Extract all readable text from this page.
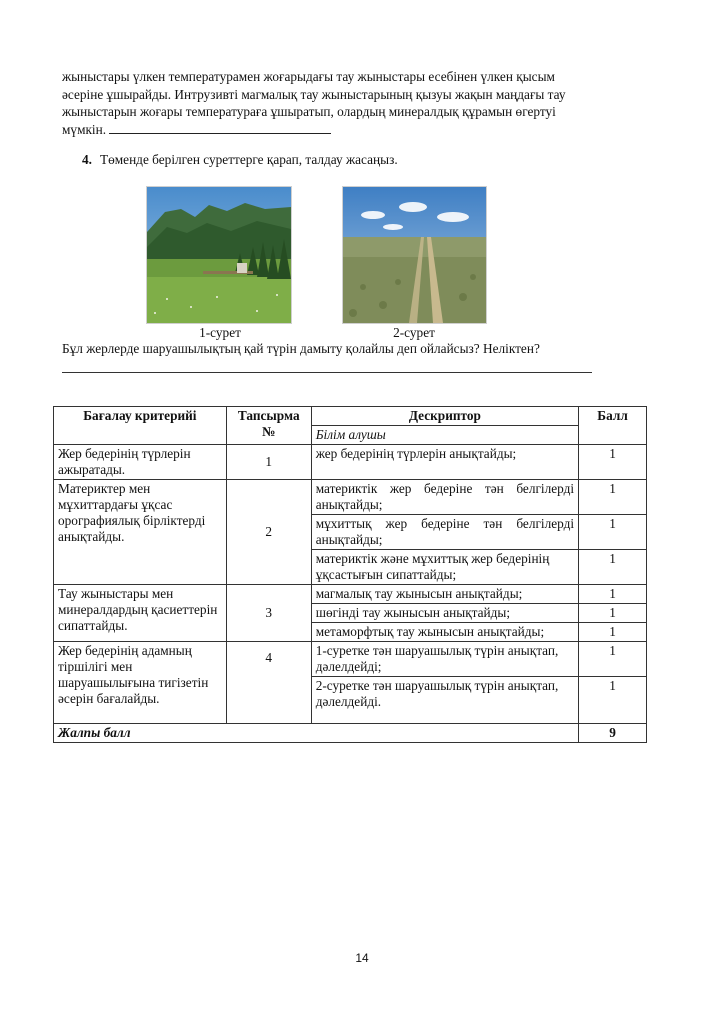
жыныстары үлкен температурамен жоғарыдағы тау жыныстары есебінен үлкен қысым
әсеріне ұшырайды. Интрузивті магмалық тау жыныстарының қызуы жақын маңдағы тау
жыныстарын жоғары температураға ұшыратып, олардың минералдық құрамын өгертуі
мүмкін.
4. Төменде берілген суреттерге қарап, талдау жасаңыз.
1-сурет	2-сурет
Бұл жерлерде шаруашылықтың қай түрін дамыту қолайлы деп ойлайсыз? Неліктен?
Бағалау критерийі	Тапсырма №	Дескриптор	Балл
		Білім алушы	
Жер бедерінің түрлерін ажыратады.	1	жер бедерінің түрлерін анықтайды;	1
Материктер мен мұхиттардағы ұқсас орографиялық бірліктерді анықтайды.	2	материктік жер бедеріне тән белгілерді анықтайды;	1
		мұхиттық жер бедеріне тән белгілерді анықтайды;	1
		материктік және мұхиттық жер бедерінің ұқсастығын сипаттайды;	1
Тау жыныстары мен минералдардың қасиеттерін сипаттайды.	3	магмалық тау жынысын анықтайды;	1
		шөгінді тау жынысын анықтайды;	1
		метаморфтық тау жынысын анықтайды;	1
Жер бедерінің адамның тіршілігі мен шаруашылығына тигізетін әсерін бағалайды.	4	1-суретке тән шаруашылық түрін анықтап, дәлелдейді;	1
		2-суретке тән шаруашылық түрін анықтап, дәлелдейді.	1
Жалпы балл			9
14
